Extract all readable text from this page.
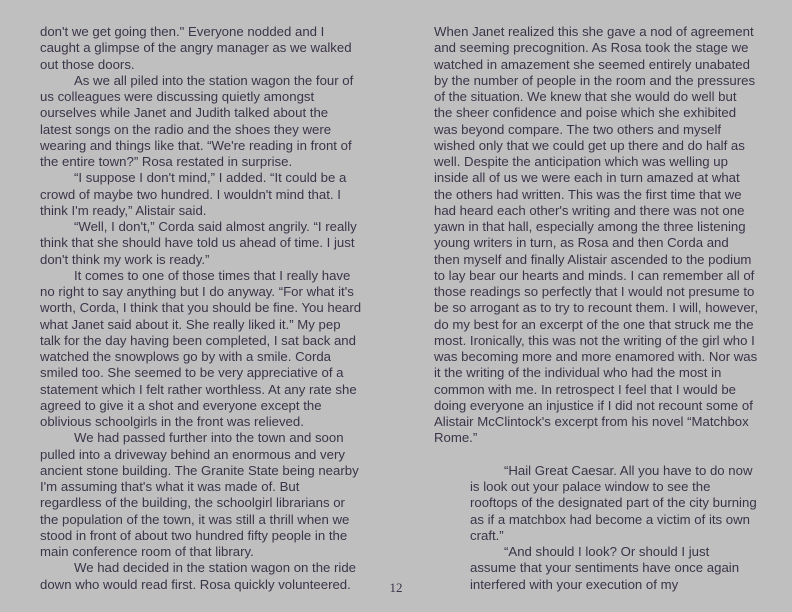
don't we get going then." Everyone nodded and I caught a glimpse of the angry manager as we walked out those doors.

As we all piled into the station wagon the four of us colleagues were discussing quietly amongst ourselves while Janet and Judith talked about the latest songs on the radio and the shoes they were wearing and things like that. “We're reading in front of the entire town?” Rosa restated in surprise.

“I suppose I don't mind,” I added. “It could be a crowd of maybe two hundred. I wouldn't mind that. I think I'm ready,” Alistair said.

“Well, I don't,” Corda said almost angrily. “I really think that she should have told us ahead of time. I just don't think my work is ready.”

It comes to one of those times that I really have no right to say anything but I do anyway. “For what it's worth, Corda, I think that you should be fine. You heard what Janet said about it. She really liked it.” My pep talk for the day having been completed, I sat back and watched the snowplows go by with a smile. Corda smiled too. She seemed to be very appreciative of a statement which I felt rather worthless. At any rate she agreed to give it a shot and everyone except the oblivious schoolgirls in the front was relieved.

We had passed further into the town and soon pulled into a driveway behind an enormous and very ancient stone building. The Granite State being nearby I'm assuming that's what it was made of. But regardless of the building, the schoolgirl librarians or the population of the town, it was still a thrill when we stood in front of about two hundred fifty people in the main conference room of that library.

We had decided in the station wagon on the ride down who would read first. Rosa quickly volunteered.

When Janet realized this she gave a nod of agreement and seeming precognition. As Rosa took the stage we watched in amazement she seemed entirely unabated by the number of people in the room and the pressures of the situation. We knew that she would do well but the sheer confidence and poise which she exhibited was beyond compare. The two others and myself wished only that we could get up there and do half as well. Despite the anticipation which was welling up inside all of us we were each in turn amazed at what the others had written. This was the first time that we had heard each other's writing and there was not one yawn in that hall, especially among the three listening young writers in turn, as Rosa and then Corda and then myself and finally Alistair ascended to the podium to lay bear our hearts and minds. I can remember all of those readings so perfectly that I would not presume to be so arrogant as to try to recount them. I will, however, do my best for an excerpt of the one that struck me the most. Ironically, this was not the writing of the girl who I was becoming more and more enamored with. Nor was it the writing of the individual who had the most in common with me. In retrospect I feel that I would be doing everyone an injustice if I did not recount some of Alistair McClintock's excerpt from his novel “Matchbox Rome.”

“Hail Great Caesar. All you have to do now is look out your palace window to see the rooftops of the designated part of the city burning as if a matchbox had become a victim of its own craft.”

“And should I look? Or should I just assume that your sentiments have once again interfered with your execution of my

12
